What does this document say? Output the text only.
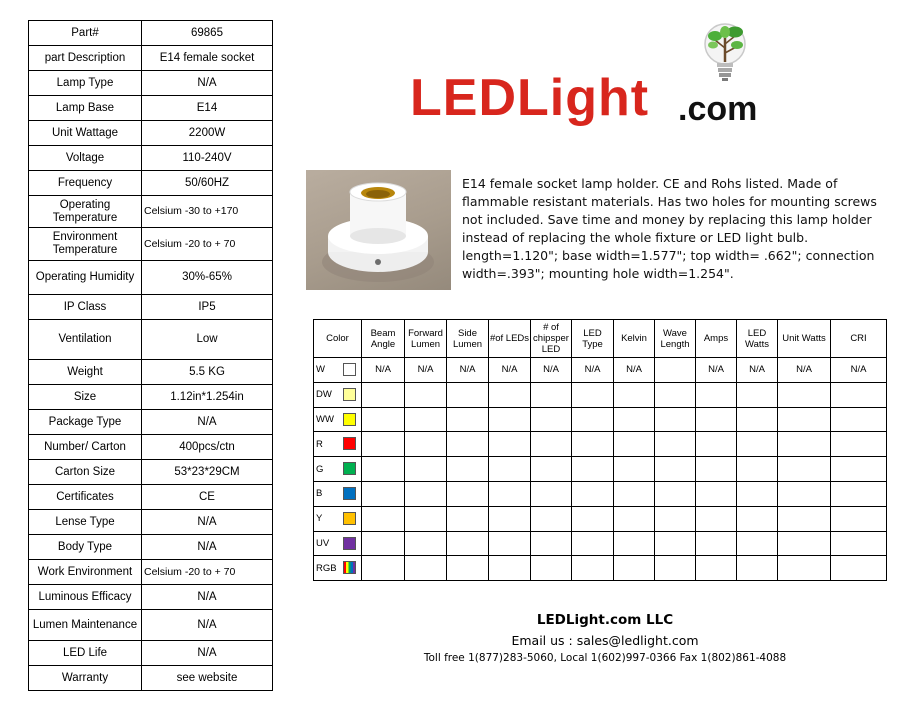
Part#	69865
part Description	E14 female socket
Lamp Type	N/A
Lamp Base	E14
Unit Wattage	2200W
Voltage	110-240V
Frequency	50/60HZ
Operating Temperature	Celsium -30 to +170
Environment Temperature	Celsium -20 to + 70
Operating Humidity	30%-65%
IP Class	IP5
Ventilation	Low
Weight	5.5 KG
Size	1.12in*1.254in
Package Type	N/A
Number/ Carton	400pcs/ctn
Carton Size	53*23*29CM
Certificates	CE
Lense Type	N/A
Body Type	N/A
Work Environment	Celsium -20 to + 70
Luminous Efficacy	N/A
Lumen Maintenance	N/A
LED Life	N/A
Warranty	see website
LEDLight .com
E14 female socket lamp holder. CE and Rohs listed. Made of flammable resistant materials. Has two holes for mounting screws not included. Save time and money by replacing this lamp holder instead of replacing the whole fixture or LED light bulb. length=1.120"; base width=1.577"; top width= .662"; connection width=.393"; mounting hole width=1.254".
Color	Beam Angle	Forward Lumen	Side Lumen	#of LEDs	# of chipsper LED	LED Type	Kelvin	Wave Length	Amps	LED Watts	Unit Watts	CRI
W	N/A	N/A	N/A	N/A	N/A	N/A	N/A		N/A	N/A	N/A	N/A
DW

WW

R

G

B

Y

UV

RGB

LEDLight.com LLC
Email us : sales@ledlight.com
Toll free 1(877)283-5060, Local 1(602)997-0366 Fax 1(802)861-4088
